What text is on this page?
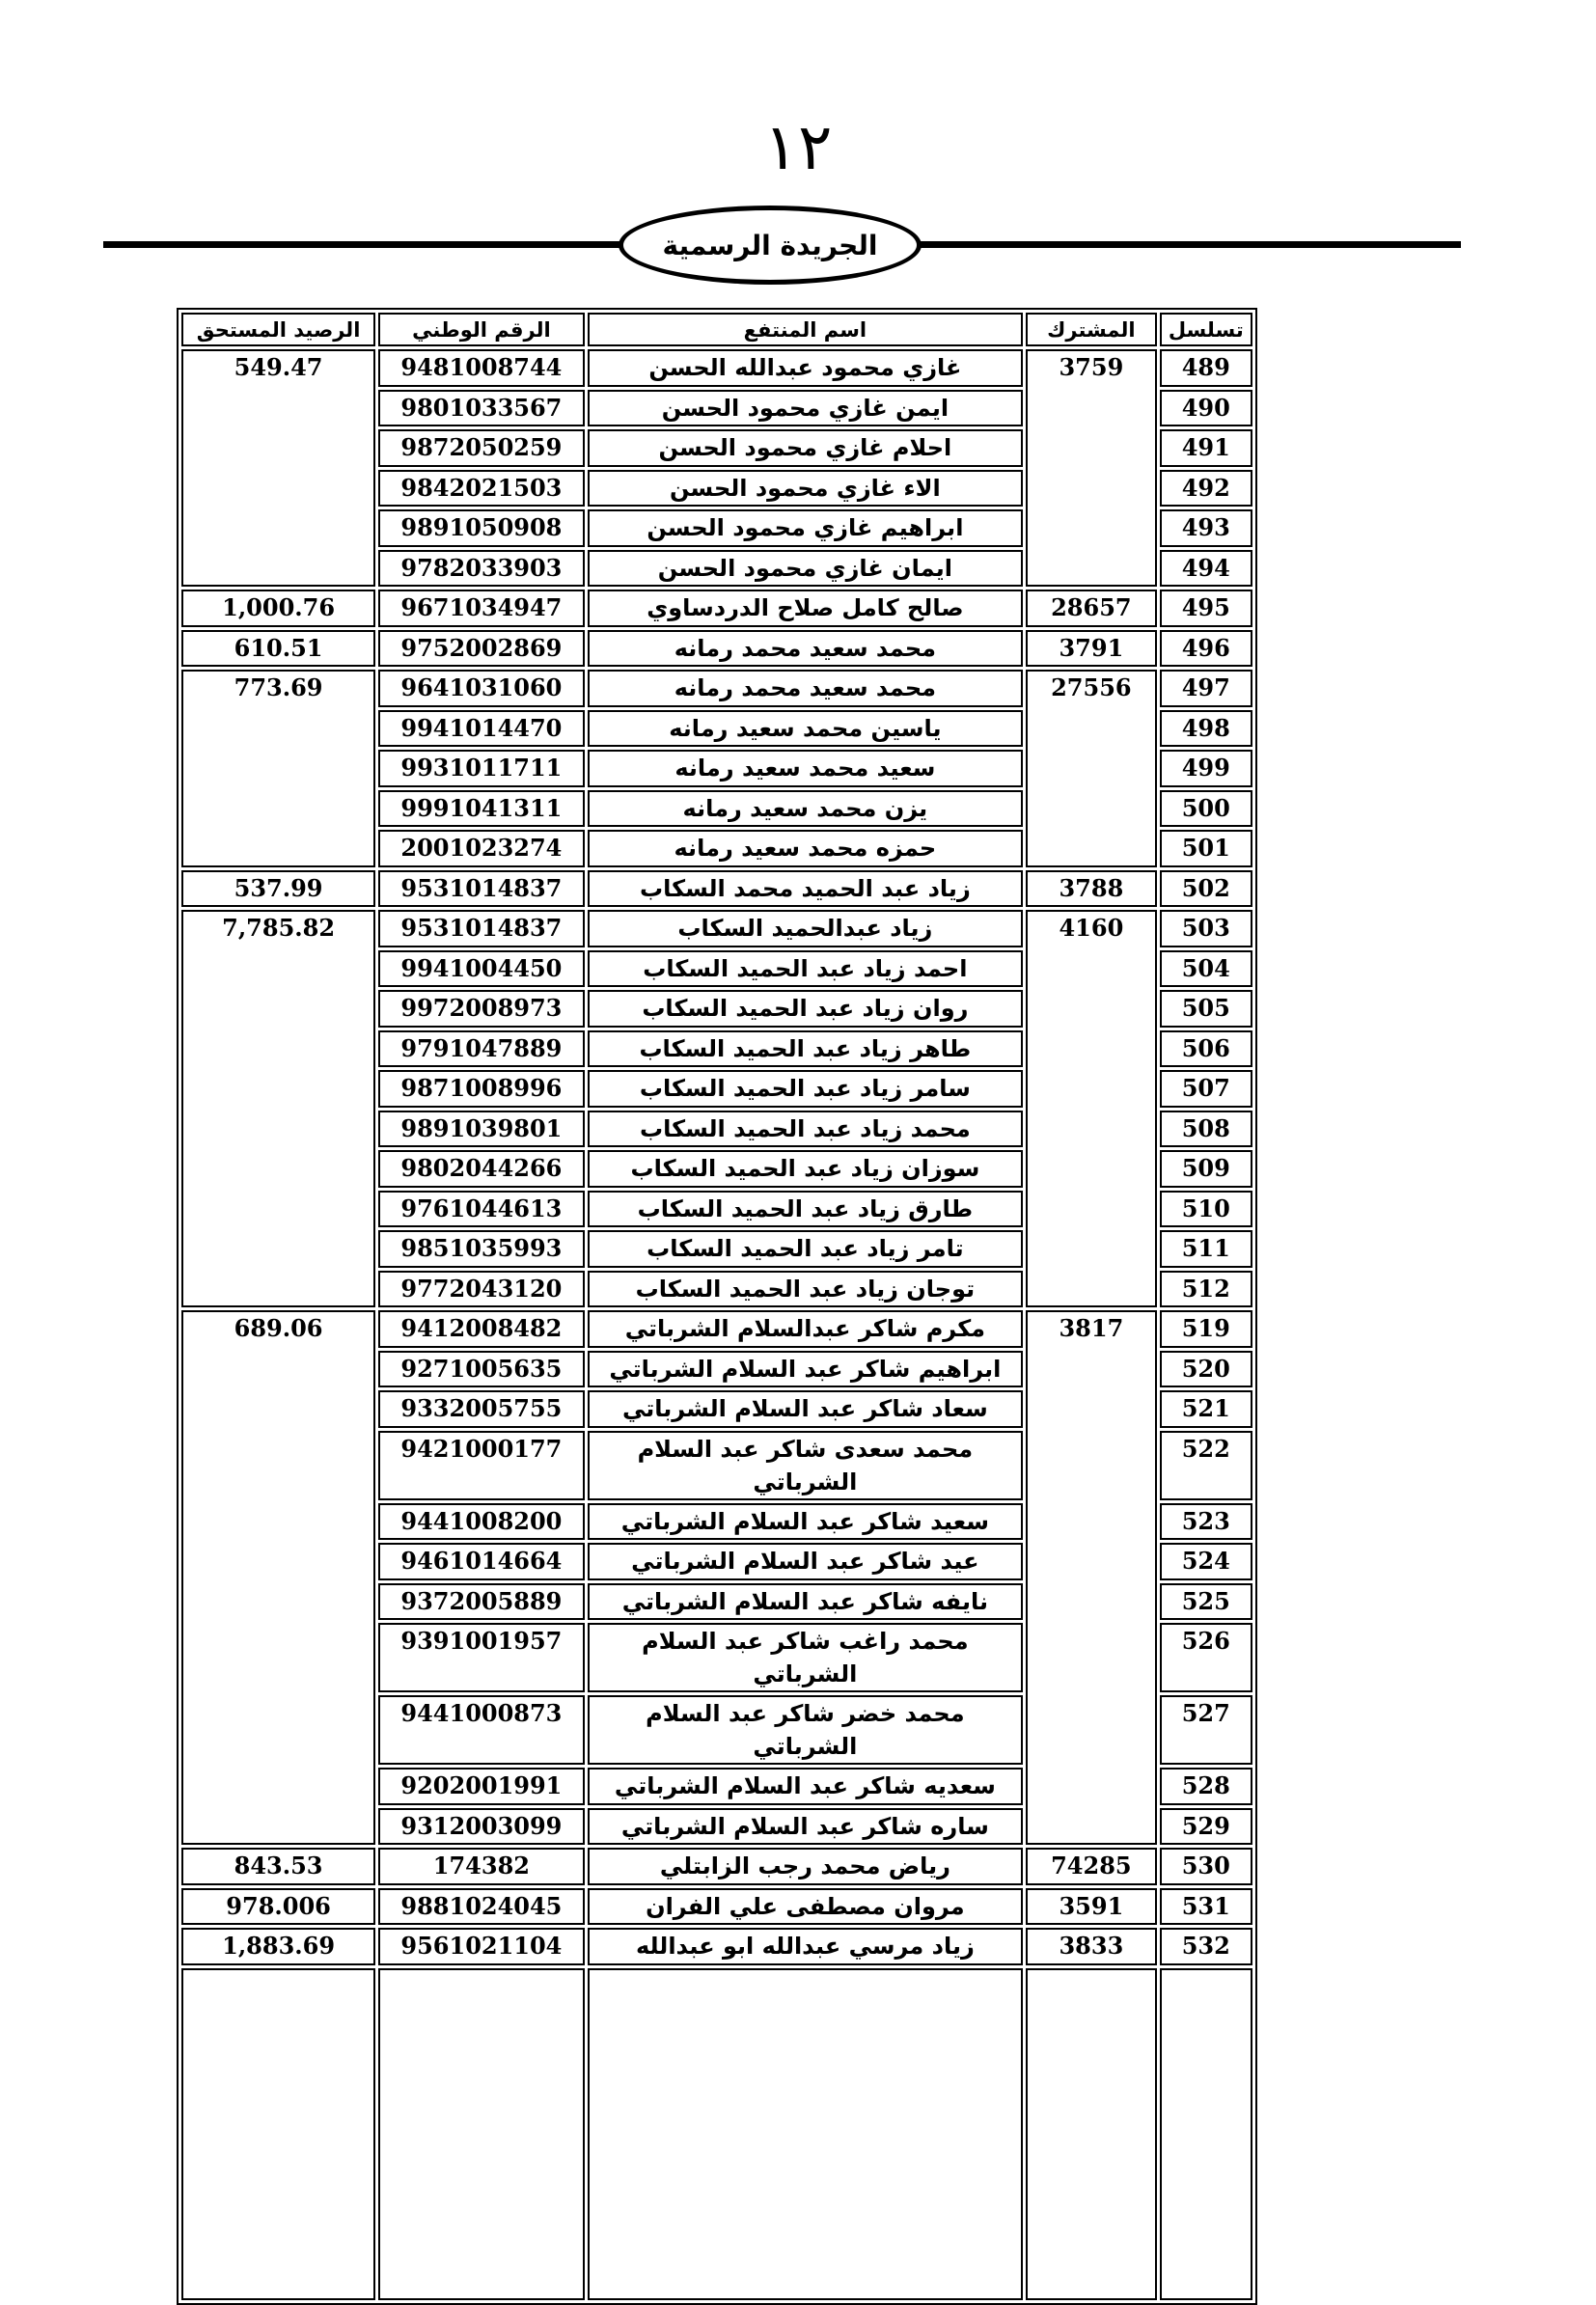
١٢
الجريدة الرسمية
تسلسل	المشترك	اسم المنتفع	الرقم الوطني	الرصيد المستحق
489	3759	غازي محمود عبدالله الحسن	9481008744	549.47
490		ايمن غازي محمود الحسن	9801033567	
491		احلام غازي محمود الحسن	9872050259	
492		الاء غازي محمود الحسن	9842021503	
493		ابراهيم غازي محمود الحسن	9891050908	
494		ايمان غازي محمود الحسن	9782033903	
495	28657	صالح كامل صلاح الدردساوي	9671034947	1,000.76
496	3791	محمد سعيد محمد رمانه	9752002869	610.51
497	27556	محمد سعيد محمد رمانه	9641031060	773.69
498		ياسين محمد سعيد رمانه	9941014470	
499		سعيد محمد سعيد رمانه	9931011711	
500		يزن محمد سعيد رمانه	9991041311	
501		حمزه محمد سعيد رمانه	2001023274	
502	3788	زياد عبد الحميد محمد السكاب	9531014837	537.99
503	4160	زياد عبدالحميد السكاب	9531014837	7,785.82
504		احمد زياد عبد الحميد السكاب	9941004450	
505		روان زياد عبد الحميد السكاب	9972008973	
506		طاهر زياد عبد الحميد السكاب	9791047889	
507		سامر زياد عبد الحميد السكاب	9871008996	
508		محمد زياد عبد الحميد السكاب	9891039801	
509		سوزان زياد عبد الحميد السكاب	9802044266	
510		طارق زياد عبد الحميد السكاب	9761044613	
511		تامر زياد عبد الحميد السكاب	9851035993	
512		توجان زياد عبد الحميد السكاب	9772043120	
519	3817	مكرم شاكر عبدالسلام الشرباتي	9412008482	689.06
520		ابراهيم شاكر عبد السلام الشرباتي	9271005635	
521		سعاد شاكر عبد السلام الشرباتي	9332005755	
522		محمد سعدى شاكر عبد السلام الشرباتي	9421000177	
523		سعيد شاكر عبد السلام الشرباتي	9441008200	
524		عيد شاكر عبد السلام الشرباتي	9461014664	
525		نايفه شاكر عبد السلام الشرباتي	9372005889	
526		محمد راغب شاكر عبد السلام الشرباتي	9391001957	
527		محمد خضر شاكر عبد السلام الشرباتي	9441000873	
528		سعديه شاكر عبد السلام الشرباتي	9202001991	
529		ساره شاكر عبد السلام الشرباتي	9312003099	
530	74285	رياض محمد رجب الزابتلي	174382	843.53
531	3591	مروان مصطفى علي الفران	9881024045	978.006
532	3833	زياد مرسي عبدالله ابو عبدالله	9561021104	1,883.69
